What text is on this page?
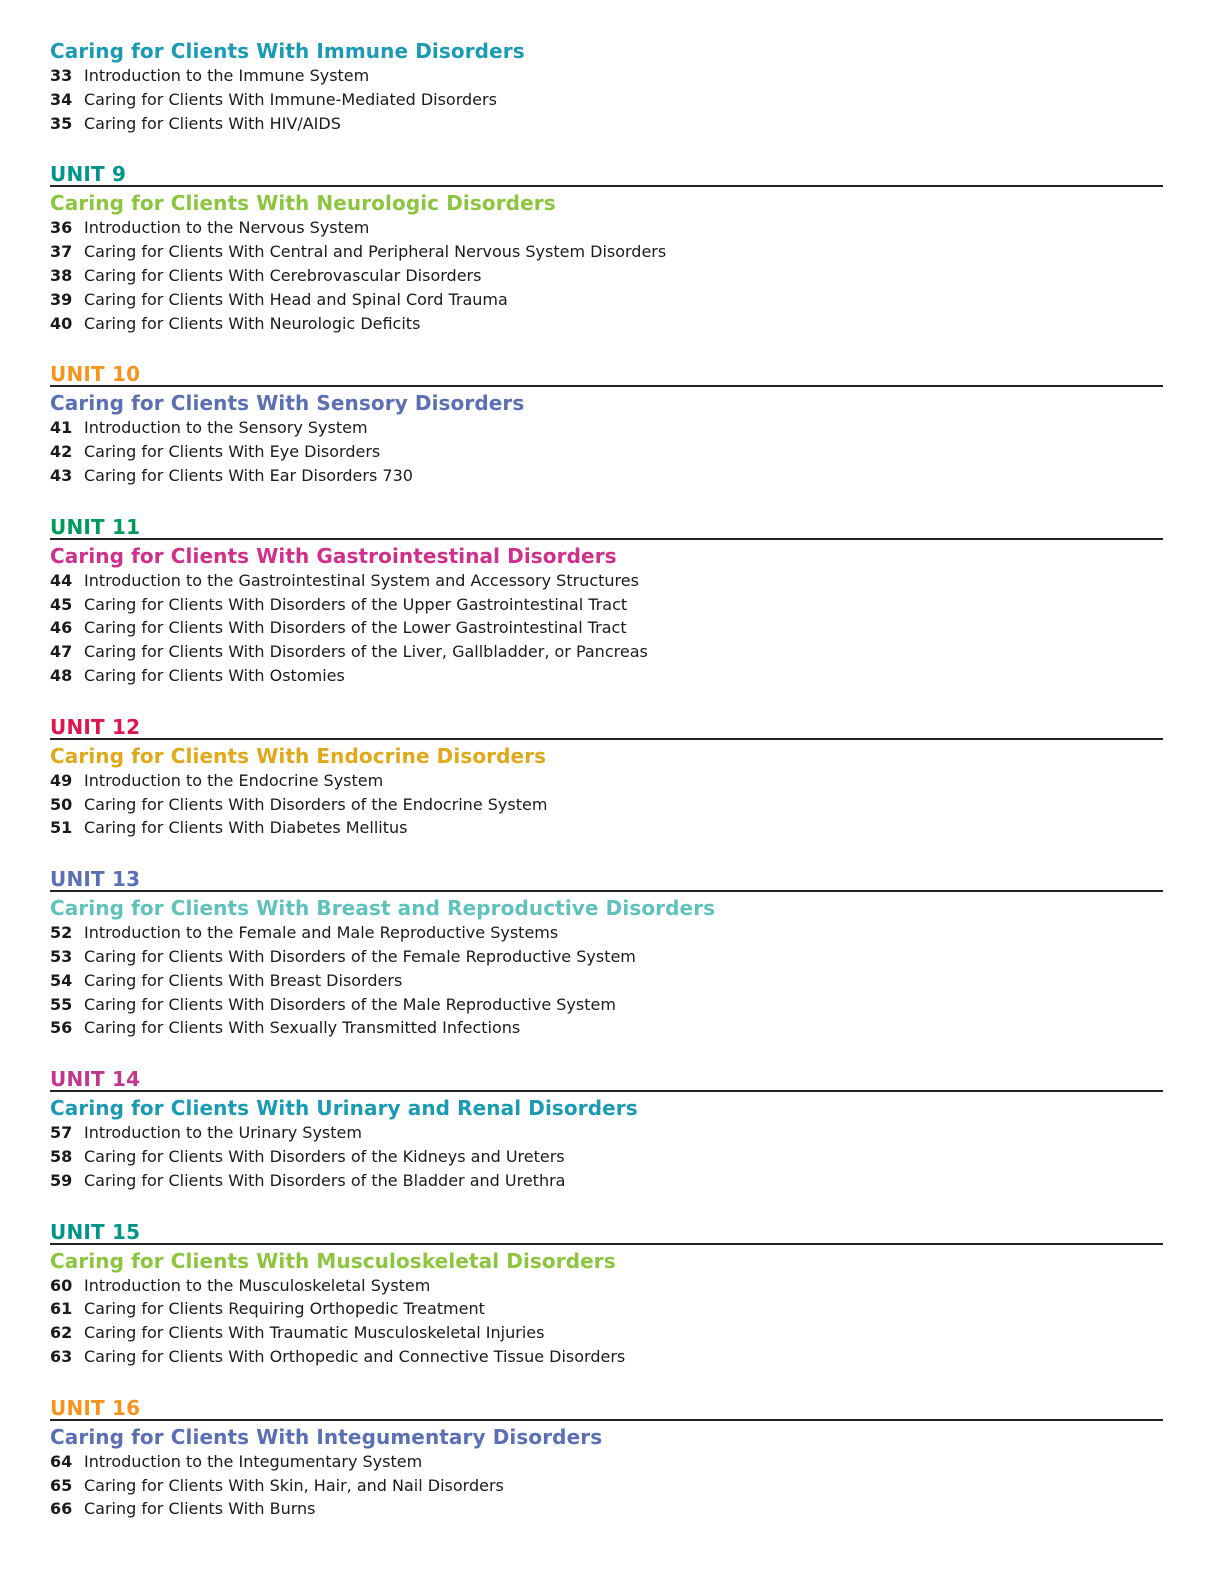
Caring for Clients With Immune Disorders
33 Introduction to the Immune System
34 Caring for Clients With Immune-Mediated Disorders
35 Caring for Clients With HIV/AIDS
UNIT 9
Caring for Clients With Neurologic Disorders
36 Introduction to the Nervous System
37 Caring for Clients With Central and Peripheral Nervous System Disorders
38 Caring for Clients With Cerebrovascular Disorders
39 Caring for Clients With Head and Spinal Cord Trauma
40 Caring for Clients With Neurologic Deficits
UNIT 10
Caring for Clients With Sensory Disorders
41 Introduction to the Sensory System
42 Caring for Clients With Eye Disorders
43 Caring for Clients With Ear Disorders 730
UNIT 11
Caring for Clients With Gastrointestinal Disorders
44 Introduction to the Gastrointestinal System and Accessory Structures
45 Caring for Clients With Disorders of the Upper Gastrointestinal Tract
46 Caring for Clients With Disorders of the Lower Gastrointestinal Tract
47 Caring for Clients With Disorders of the Liver, Gallbladder, or Pancreas
48 Caring for Clients With Ostomies
UNIT 12
Caring for Clients With Endocrine Disorders
49 Introduction to the Endocrine System
50 Caring for Clients With Disorders of the Endocrine System
51 Caring for Clients With Diabetes Mellitus
UNIT 13
Caring for Clients With Breast and Reproductive Disorders
52 Introduction to the Female and Male Reproductive Systems
53 Caring for Clients With Disorders of the Female Reproductive System
54 Caring for Clients With Breast Disorders
55 Caring for Clients With Disorders of the Male Reproductive System
56 Caring for Clients With Sexually Transmitted Infections
UNIT 14
Caring for Clients With Urinary and Renal Disorders
57 Introduction to the Urinary System
58 Caring for Clients With Disorders of the Kidneys and Ureters
59 Caring for Clients With Disorders of the Bladder and Urethra
UNIT 15
Caring for Clients With Musculoskeletal Disorders
60 Introduction to the Musculoskeletal System
61 Caring for Clients Requiring Orthopedic Treatment
62 Caring for Clients With Traumatic Musculoskeletal Injuries
63 Caring for Clients With Orthopedic and Connective Tissue Disorders
UNIT 16
Caring for Clients With Integumentary Disorders
64 Introduction to the Integumentary System
65 Caring for Clients With Skin, Hair, and Nail Disorders
66 Caring for Clients With Burns
